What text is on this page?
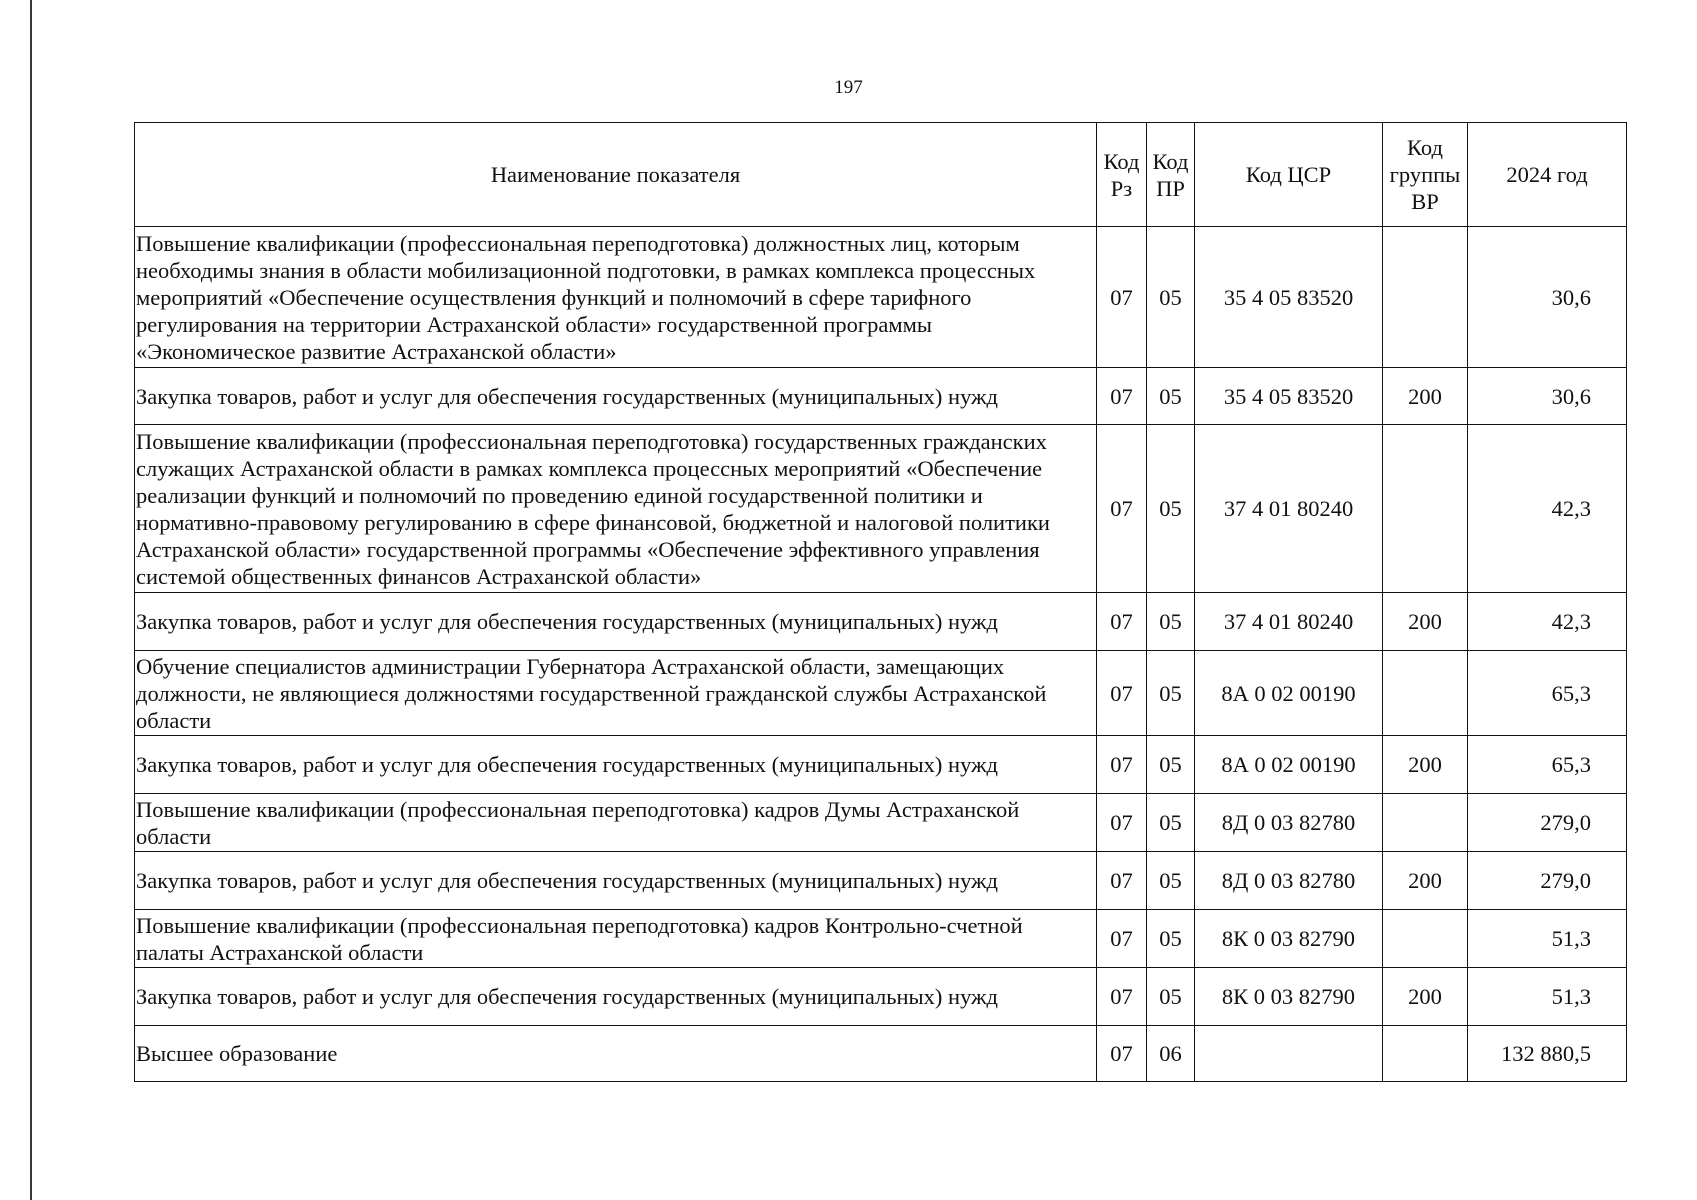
197
Наименование показателя	Код Рз	Код ПР	Код ЦСР	Код группы ВР	2024 год
Повышение квалификации (профессиональная переподготовка) должностных лиц, которым необходимы знания в области мобилизационной подготовки, в рамках комплекса процессных мероприятий «Обеспечение осуществления функций и полномочий в сфере тарифного регулирования на территории Астраханской области» государственной программы «Экономическое развитие Астраханской области»	07	05	35 4 05 83520		30,6
Закупка товаров, работ и услуг для обеспечения государственных (муниципальных) нужд	07	05	35 4 05 83520	200	30,6
Повышение квалификации (профессиональная переподготовка) государственных гражданских служащих Астраханской области в рамках комплекса процессных мероприятий «Обеспечение реализации функций и полномочий по проведению единой государственной политики и нормативно-правовому регулированию в сфере финансовой, бюджетной и налоговой политики Астраханской области» государственной программы «Обеспечение эффективного управления системой общественных финансов Астраханской области»	07	05	37 4 01 80240		42,3
Закупка товаров, работ и услуг для обеспечения государственных (муниципальных) нужд	07	05	37 4 01 80240	200	42,3
Обучение специалистов администрации Губернатора Астраханской области, замещающих должности, не являющиеся должностями государственной гражданской службы Астраханской области	07	05	8А 0 02 00190		65,3
Закупка товаров, работ и услуг для обеспечения государственных (муниципальных) нужд	07	05	8А 0 02 00190	200	65,3
Повышение квалификации (профессиональная переподготовка) кадров Думы Астраханской области	07	05	8Д 0 03 82780		279,0
Закупка товаров, работ и услуг для обеспечения государственных (муниципальных) нужд	07	05	8Д 0 03 82780	200	279,0
Повышение квалификации (профессиональная переподготовка) кадров Контрольно-счетной палаты Астраханской области	07	05	8К 0 03 82790		51,3
Закупка товаров, работ и услуг для обеспечения государственных (муниципальных) нужд	07	05	8К 0 03 82790	200	51,3
Высшее образование	07	06			132 880,5
